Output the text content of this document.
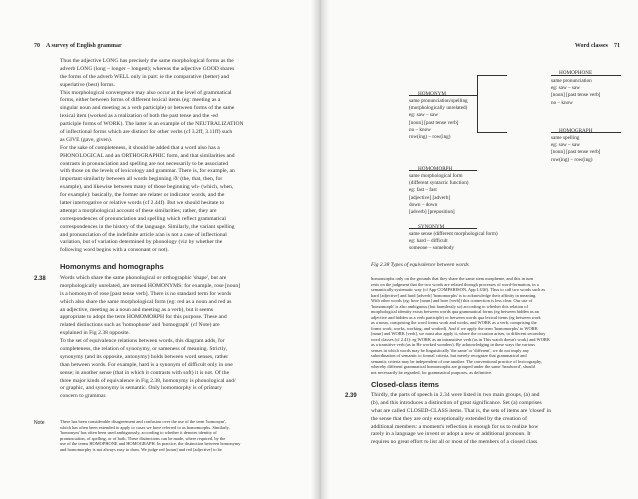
70 A survey of English grammar
Thus the adjective LONG has precisely the same morphological forms as the
adverb LONG (long – longer – longest); whereas the adjective GOOD shares
the forms of the adverb WELL only in part: ie the comparative (better) and
superlative (best) forms.
This morphological convergence may also occur at the level of grammatical
forms, either between forms of different lexical items (eg: meeting as a
singular noun and meeting as a verb participle) or between forms of the same
lexical item (worked as a realization of both the past tense and the -ed
participle forms of WORK). The latter is an example of the NEUTRALIZATION
of inflectional forms which are distinct for other verbs (cf 3.2ff, 3.11ff) such
as GIVE (gave, given).
For the sake of completeness, it should be added that a word also has a
PHONOLOGICAL and an ORTHOGRAPHIC form, and that similarities and
contrasts in pronunciation and spelling are not necessarily to be associated
with those on the levels of lexicology and grammar. There is, for example, an
important similarity between all words beginning /ð/ (the, that, then, for
example), and likewise between many of those beginning wh- (which, when,
for example): basically, the former are relater or indicator words, and the
latter interrogative or relative words (cf 2.44f). But we should hesitate to
attempt a morphological account of these similarities; rather, they are
correspondences of pronunciation and spelling which reflect grammatical
correspondences in the history of the language. Similarly, the variant spelling
and pronunciation of the indefinite article a/an is not a case of inflectional
variation, but of variation determined by phonology (viz by whether the
following word begins with a consonant or not).
Homonyms and homographs
2.38	Words which share the same phonological or orthographic 'shape', but are
morphologically unrelated, are termed HOMONYMS: for example, rose [noun]
is a homonym of rose [past tense verb]. There is no standard term for words
which also share the same morphological form (eg: red as a noun and red as
an adjective, meeting as a noun and meeting as a verb), but it seems
appropriate to adopt the term HOMOMORPH for this purpose. These and
related distinctions such as 'homophone' and 'homograph' (cf Note) are
explained in Fig 2.38 opposite.
To the set of equivalence relations between words, this diagram adds, for
completeness, the relation of synonymy, or sameness of meaning. Strictly,
synonymy (and its opposite, antonymy) holds between word senses, rather
than between words. For example, hard is a synonym of difficult only in one
sense; in another sense (that in which it contrasts with soft) it is not. Of the
three major kinds of equivalence in Fig 2.38, homonymy is phonological and/
or graphic, and synonymy is semantic. Only homomorphy is of primary
concern to grammar.
Note	There has been considerable disagreement and confusion over the use of the term 'homonym',
which has often been extended to apply to cases we have referred to as homomorphs. Similarly,
'homonym' has often been used ambiguously, according to whether it denotes identity of
pronunciation, of spelling, or of both. These distinctions can be made, where required, by the
use of the terms HOMOPHONE and HOMOGRAPH. In practice, the distinction between homonymy
and homomorphy is not always easy to draw. We judge red [noun] and red [adjective] to be
Word classes 71
HOMONYM
same pronunciation/spelling
(morphologically unrelated)
eg: saw – saw
[noun] [past tense verb]
no – know
row(ing) – row(ing)
HOMOPHONE
same pronunciation
eg: saw – saw
[noun] [past tense verb]
no – know
HOMOGRAPH
same spelling
eg: saw – saw
[noun] [past tense verb]
row(ing) – row(ing)
HOMOMORPH
same morphological form
(different syntactic function)
eg: fast – fast
[adjective] [adverb]
down – down
[adverb] [preposition]
SYNONYM
same sense (different morphological form)
eg: hard – difficult
someone – somebody
Fig 2.38 Types of equivalence between words
homomorphs only on the grounds that they share the same stem morpheme, and this in turn
rests on the judgment that the two words are related through processes of word-formation, in a
semantically systematic way (cf App COMPARISON, App I.43ff). Thus to call two words such as
hard [adjective] and hard [adverb] 'homomorphs' is to acknowledge their affinity in meaning.
With other words (eg: bore [noun] and bore [verb]) this connection is less clear. Our use of
'homomorph' is also ambiguous (but harmlessly so) according to whether this relation of
morphological identity exists between words qua grammatical forms (eg between hidden as an
adjective and hidden as a verb participle) or between words qua lexical items (eg between work
as a noun, comprising the word forms work and works, and WORK as a verb, comprising the
forms work, works, working, and worked). And if we apply the term 'homomorphs' to WORK
[noun] and WORK [verb], we must also apply it, where the occasion arises, to different secondary
word classes (cf 2.41): eg WORK as an intransitive verb (as in This watch doesn't work) and WORK
as a transitive verb (as in He worked wonders). By acknowledging in these ways the various
senses in which words may be linguistically 'the same' or 'different', we do not imply any
subordination of semantic to formal criteria, but merely recognize that grammatical and
semantic criteria may be independent of one another. The conventional practice of lexicography,
whereby different grammatical homomorphs are grouped under the same 'headword', should
not necessarily be regarded, for grammatical purposes, as definitive.
Closed-class items
2.39	Thirdly, the parts of speech in 2.34 were listed in two main groups, (a) and
(b), and this introduces a distinction of great significance. Set (a) comprises
what are called CLOSED-CLASS items. That is, the sets of items are 'closed' in
the sense that they are only exceptionally extended by the creation of
additional members: a moment's reflection is enough for us to realize how
rarely in a language we invent or adopt a new or additional pronoun. It
requires no great effort to list all or most of the members of a closed class
